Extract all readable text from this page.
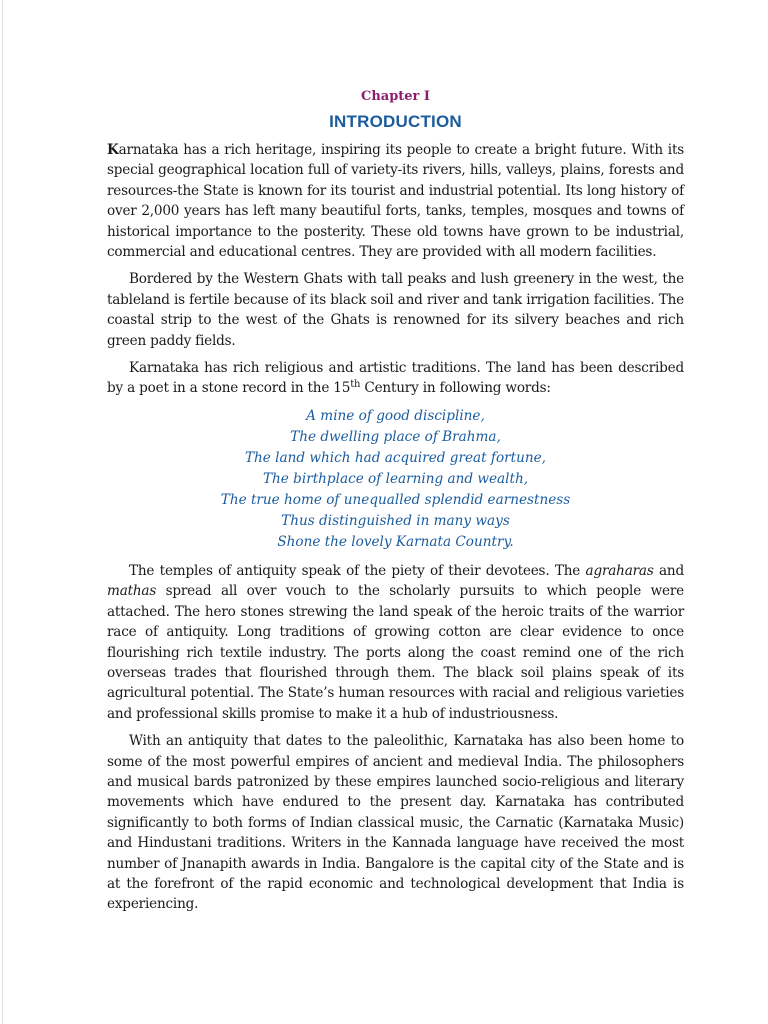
Chapter I
INTRODUCTION

Karnataka has a rich heritage, inspiring its people to create a bright future. With its special geographical location full of variety-its rivers, hills, valleys, plains, forests and resources-the State is known for its tourist and industrial potential. Its long history of over 2,000 years has left many beautiful forts, tanks, temples, mosques and towns of historical importance to the posterity. These old towns have grown to be industrial, commercial and educational centres. They are provided with all modern facilities.

Bordered by the Western Ghats with tall peaks and lush greenery in the west, the tableland is fertile because of its black soil and river and tank irrigation facilities. The coastal strip to the west of the Ghats is renowned for its silvery beaches and rich green paddy fields.

Karnataka has rich religious and artistic traditions. The land has been described by a poet in a stone record in the 15th Century in following words:

A mine of good discipline,
The dwelling place of Brahma,
The land which had acquired great fortune,
The birthplace of learning and wealth,
The true home of unequalled splendid earnestness
Thus distinguished in many ways
Shone the lovely Karnata Country.

The temples of antiquity speak of the piety of their devotees. The agraharas and mathas spread all over vouch to the scholarly pursuits to which people were attached. The hero stones strewing the land speak of the heroic traits of the warrior race of antiquity. Long traditions of growing cotton are clear evidence to once flourishing rich textile industry. The ports along the coast remind one of the rich overseas trades that flourished through them. The black soil plains speak of its agricultural potential. The State’s human resources with racial and religious varieties and professional skills promise to make it a hub of industriousness.

With an antiquity that dates to the paleolithic, Karnataka has also been home to some of the most powerful empires of ancient and medieval India. The philosophers and musical bards patronized by these empires launched socio-religious and literary movements which have endured to the present day. Karnataka has contributed significantly to both forms of Indian classical music, the Carnatic (Karnataka Music) and Hindustani traditions. Writers in the Kannada language have received the most number of Jnanapith awards in India. Bangalore is the capital city of the State and is at the forefront of the rapid economic and technological development that India is experiencing.
